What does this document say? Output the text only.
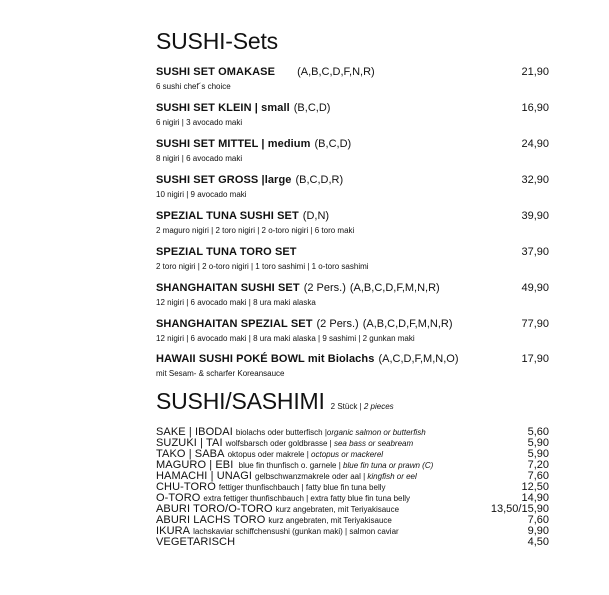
SUSHI-Sets
SUSHI SET OMAKASE (A,B,C,D,F,N,R)	21,90
6 sushi chef´s choice
SUSHI SET KLEIN | small (B,C,D)	16,90
6 nigiri | 3 avocado maki
SUSHI SET MITTEL | medium (B,C,D)	24,90
8 nigiri | 6 avocado maki
SUSHI SET GROSS |large (B,C,D,R)	32,90
10 nigiri | 9 avocado maki
SPEZIAL TUNA SUSHI SET (D,N)	39,90
2 maguro nigiri | 2 toro nigiri | 2 o-toro nigiri | 6 toro maki
SPEZIAL TUNA TORO SET	37,90
2 toro nigiri | 2 o-toro nigiri | 1 toro sashimi | 1 o-toro sashimi
SHANGHAITAN SUSHI SET (2 Pers.) (A,B,C,D,F,M,N,R)	49,90
12 nigiri | 6 avocado maki | 8 ura maki alaska
SHANGHAITAN SPEZIAL SET (2 Pers.) (A,B,C,D,F,M,N,R)	77,90
12 nigiri | 6 avocado maki | 8 ura maki alaska | 9 sashimi | 2 gunkan maki
HAWAII SUSHI POKÉ BOWL mit Biolachs (A,C,D,F,M,N,O)	17,90
mit Sesam- & scharfer Koreansauce
SUSHI/SASHIMI 2 Stück | 2 pieces
SAKE | IBODAI biolachs oder butterfisch |organic salmon or butterfish	5,60
SUZUKI | TAI wolfsbarsch oder goldbrasse | sea bass or seabream	5,90
TAKO | SABA oktopus oder makrele | octopus or mackerel	5,90
MAGURO | EBI blue fin thunfisch o. garnele | blue fin tuna or prawn (C)	7,20
HAMACHI | UNAGI gelbschwanzmakrele oder aal | kingfish or eel	7,60
CHU-TORO fettiger thunfischbauch | fatty blue fin tuna belly	12,50
O-TORO extra fettiger thunfischbauch | extra fatty blue fin tuna belly	14,90
ABURI TORO/O-TORO kurz angebraten, mit Teriyakisauce	13,50/15,90
ABURI LACHS TORO kurz angebraten, mit Teriyakisauce	7,60
IKURA lachskaviar schiffchensushi (gunkan maki) | salmon caviar	9,90
VEGETARISCH	4,50
